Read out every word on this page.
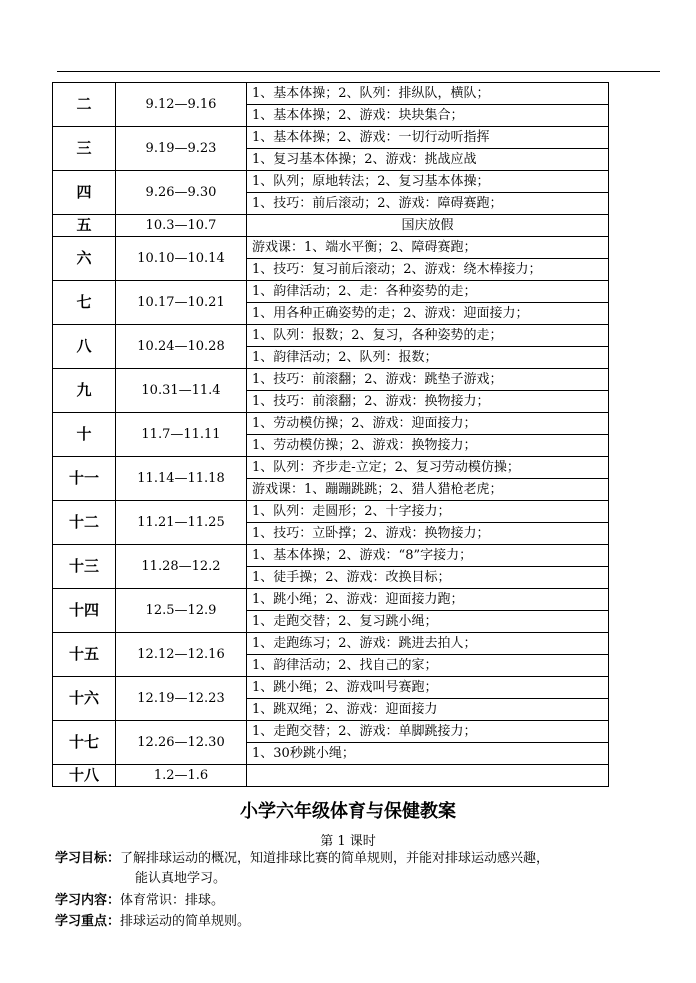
二	9.12—9.16	1、基本体操；2、队列：排纵队，横队；
		1、基本体操；2、游戏：块块集合；
三	9.19—9.23	1、基本体操；2、游戏：一切行动听指挥
		1、复习基本体操；2、游戏：挑战应战
四	9.26—9.30	1、队列；原地转法；2、复习基本体操；
		1、技巧：前后滚动；2、游戏：障碍赛跑；
五	10.3—10.7	国庆放假
六	10.10—10.14	游戏课：1、端水平衡；2、障碍赛跑；
		1、技巧：复习前后滚动；2、游戏：绕木棒接力；
七	10.17—10.21	1、韵律活动；2、走：各种姿势的走；
		1、用各种正确姿势的走；2、游戏：迎面接力；
八	10.24—10.28	1、队列：报数；2、复习，各种姿势的走；
		1、韵律活动；2、队列：报数；
九	10.31—11.4	1、技巧：前滚翻；2、游戏：跳垫子游戏；
		1、技巧：前滚翻；2、游戏：换物接力；
十	11.7—11.11	1、劳动模仿操；2、游戏：迎面接力；
		1、劳动模仿操；2、游戏：换物接力；
十一	11.14—11.18	1、队列：齐步走-立定；2、复习劳动模仿操；
		游戏课：1、蹦蹦跳跳；2、猎人猎枪老虎；
十二	11.21—11.25	1、队列：走圆形；2、十字接力；
		1、技巧：立卧撑；2、游戏：换物接力；
十三	11.28—12.2	1、基本体操；2、游戏：“8”字接力；
		1、徒手操；2、游戏：改换目标；
十四	12.5—12.9	1、跳小绳；2、游戏：迎面接力跑；
		1、走跑交替；2、复习跳小绳；
十五	12.12—12.16	1、走跑练习；2、游戏：跳进去拍人；
		1、韵律活动；2、找自己的家；
十六	12.19—12.23	1、跳小绳；2、游戏叫号赛跑；
		1、跳双绳；2、游戏：迎面接力
十七	12.26—12.30	1、走跑交替；2、游戏：单脚跳接力；
		1、30秒跳小绳；
十八	1.2—1.6	
小学六年级体育与保健教案
第 1 课时
学习目标：了解排球运动的概况，知道排球比赛的简单规则，并能对排球运动感兴趣，
能认真地学习。
学习内容：体育常识：排球。
学习重点：排球运动的简单规则。
